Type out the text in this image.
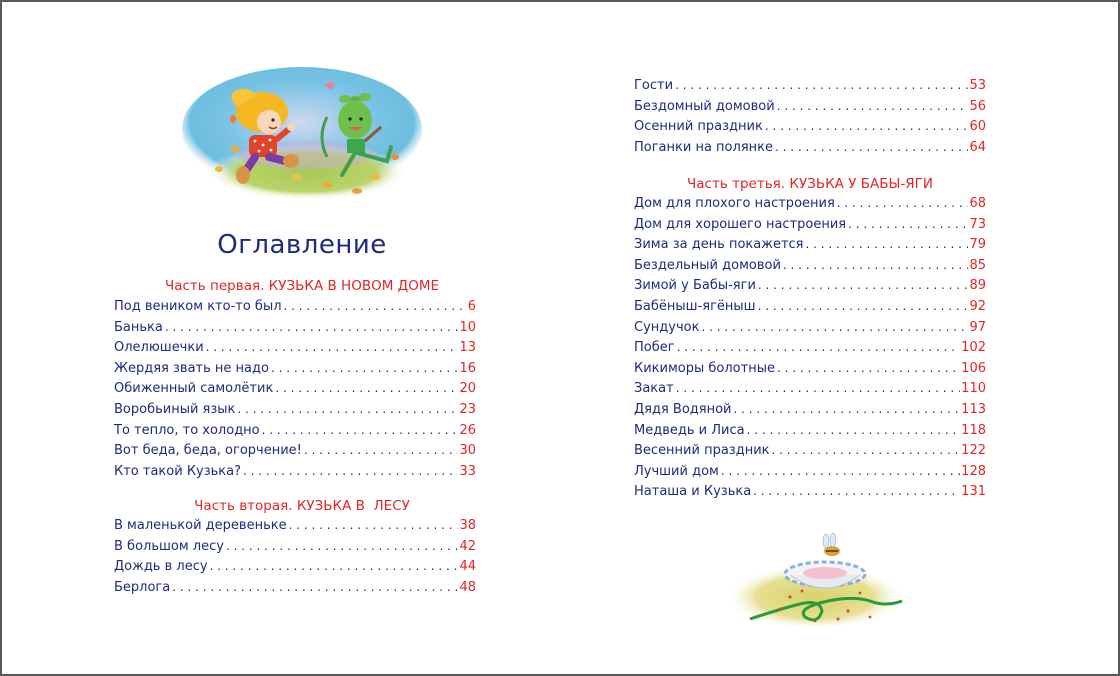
Оглавление
Часть первая. КУЗЬКА В НОВОМ ДОМЕ
Под веником кто-то был . . .	6
Банька . . .	10
Олелюшечки . . .	13
Жердяя звать не надо . . .	16
Обиженный самолётик . . .	20
Воробьиный язык . . .	23
То тепло, то холодно . . .	26
Вот беда, беда, огорчение! . . .	30
Кто такой Кузька? . . .	33
Часть вторая. КУЗЬКА В  ЛЕСУ
В маленькой деревеньке . . .	38
В большом лесу . . .	42
Дождь в лесу . . .	44
Берлога . . .	48
Гости . . .	53
Бездомный домовой . . .	56
Осенний праздник . . .	60
Поганки на полянке . . .	64
Часть третья. КУЗЬКА У БАБЫ-ЯГИ
Дом для плохого настроения . . .	68
Дом для хорошего настроения . . .	73
Зима за день покажется . . .	79
Бездельный домовой . . .	85
Зимой у Бабы-яги . . .	89
Бабёныш-ягёныш . . .	92
Сундучок . . .	97
Побег . . .	102
Кикиморы болотные . . .	106
Закат . . .	110
Дядя Водяной . . .	113
Медведь и Лиса . . .	118
Весенний праздник . . .	122
Лучший дом . . .	128
Наташа и Кузька . . .	131
